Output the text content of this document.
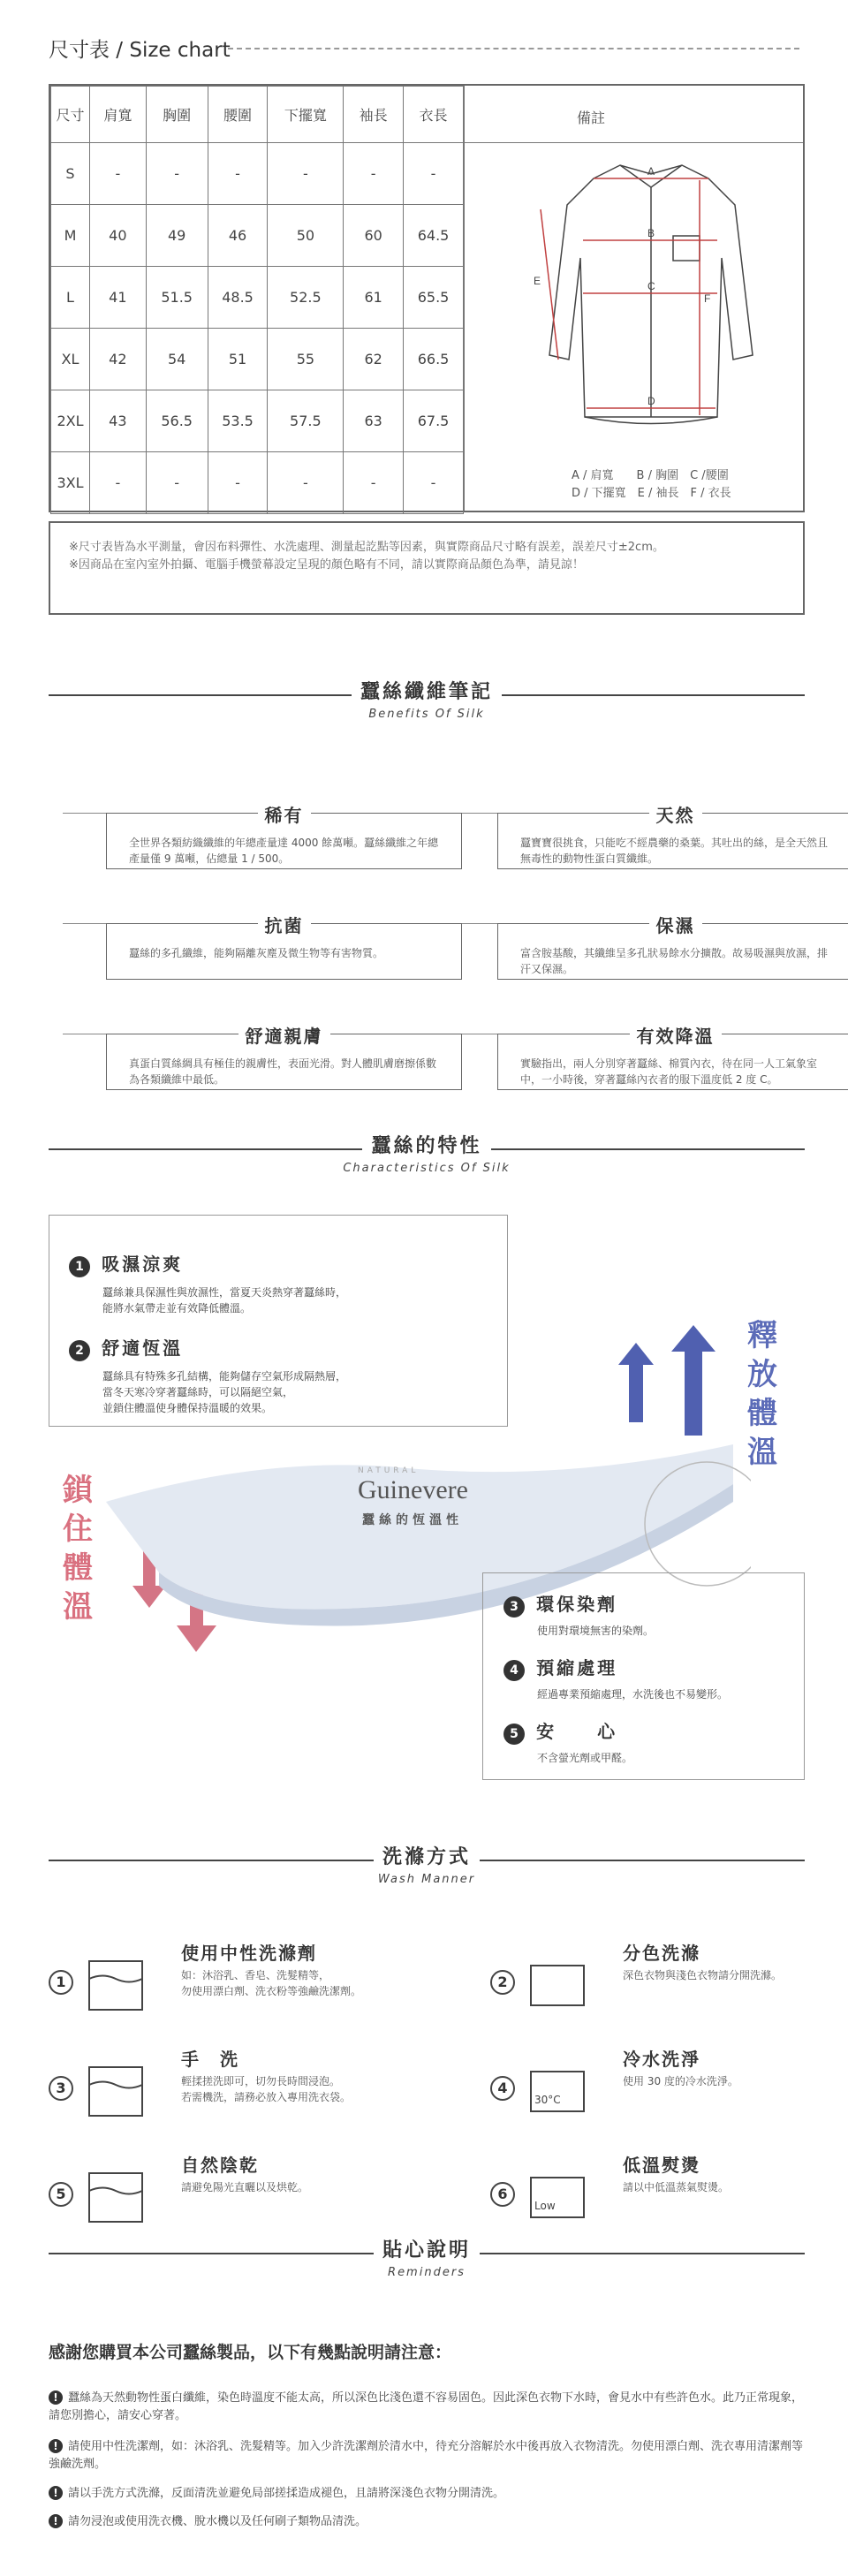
尺寸表 / Size chart
尺寸	肩寬	胸圍	腰圍	下擺寬	袖長	衣長
S	-	-	-	-	-	-
M	40	49	46	50	60	64.5
L	41	51.5	48.5	52.5	61	65.5
XL	42	54	51	55	62	66.5
2XL	43	56.5	53.5	57.5	63	67.5
3XL	-	-	-	-	-	-
備註
A
B
C
D
E
F
A / 肩寬　　B / 胸圍　C /腰圍
D / 下擺寬　E / 袖長　F / 衣長
※尺寸表皆為水平測量，會因布料彈性、水洗處理、測量起訖點等因素，與實際商品尺寸略有誤差，誤差尺寸±2cm。
※因商品在室內室外拍攝、電腦手機螢幕設定呈現的顏色略有不同，請以實際商品顏色為準，請見諒！
蠶絲纖維筆記
Benefits Of Silk
稀有
全世界各類紡織纖維的年總產量達 4000 餘萬噸。蠶絲纖維之年總產量僅 9 萬噸，佔總量 1 / 500。
天然
蠶寶寶很挑食，只能吃不經農藥的桑葉。其吐出的絲，是全天然且無毒性的動物性蛋白質纖維。
抗菌
蠶絲的多孔纖維，能夠隔離灰塵及微生物等有害物質。
保濕
富含胺基酸，其纖維呈多孔狀易餘水分擴散。故易吸濕與放濕，排汗又保濕。
舒適親膚
真蛋白質絲綢具有極佳的親膚性，表面光滑。對人體肌膚磨擦係數為各類纖維中最低。
有效降溫
實驗指出，兩人分別穿著蠶絲、棉質內衣，待在同一人工氣象室中，一小時後，穿著蠶絲內衣者的服下溫度低 2 度 C。
蠶絲的特性
Characteristics Of Silk
1 吸濕涼爽
蠶絲兼具保濕性與放濕性，當夏天炎熱穿著蠶絲時，
能將水氣帶走並有效降低體溫。
2 舒適恆溫
蠶絲具有特殊多孔結構，能夠儲存空氣形成隔熱層，
當冬天寒冷穿著蠶絲時，可以隔絕空氣，
並鎖住體溫使身體保持溫暖的效果。
釋放體溫
鎖住體溫
NATURAL
Guinevere
蠶絲的恆溫性
3 環保染劑
使用對環境無害的染劑。
4 預縮處理
經過專業預縮處理，水洗後也不易變形。
5 安　　心
不含螢光劑或甲醛。
洗滌方式
Wash Manner
1
使用中性洗滌劑
如：沐浴乳、香皂、洗髮精等，
勿使用漂白劑、洗衣粉等強鹼洗潔劑。
2
分色洗滌
深色衣物與淺色衣物請分開洗滌。
3
手　洗
輕揉搓洗即可，切勿長時間浸泡。
若需機洗，請務必放入專用洗衣袋。
4
30°C
冷水洗淨
使用 30 度的冷水洗淨。
5
自然陰乾
請避免陽光直曬以及烘乾。	6
Low
低溫熨燙
請以中低溫蒸氣熨燙。
貼心說明
Reminders
感謝您購買本公司蠶絲製品，以下有幾點說明請注意：
! 蠶絲為天然動物性蛋白纖維，染色時溫度不能太高，所以深色比淺色還不容易固色。因此深色衣物下水時，會見水中有些許色水。此乃正常現象，請您別擔心，請安心穿著。
! 請使用中性洗潔劑，如：沐浴乳、洗髮精等。加入少許洗潔劑於清水中，待充分溶解於水中後再放入衣物清洗。勿使用漂白劑、洗衣專用清潔劑等強鹼洗劑。
! 請以手洗方式洗滌，反面清洗並避免局部搓揉造成褪色，且請將深淺色衣物分開清洗。
! 請勿浸泡或使用洗衣機、脫水機以及任何刷子類物品清洗。
